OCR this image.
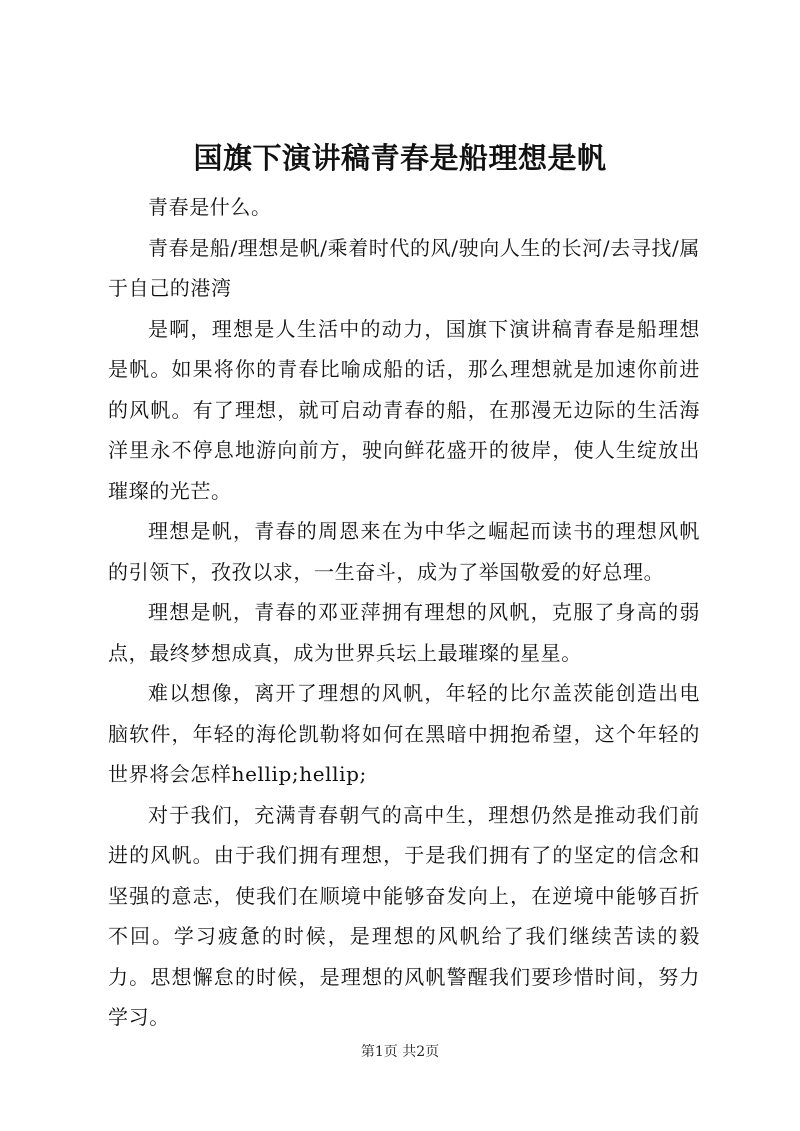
国旗下演讲稿青春是船理想是帆

青春是什么。

青春是船/理想是帆/乘着时代的风/驶向人生的长河/去寻找/属于自己的港湾

是啊，理想是人生活中的动力，国旗下演讲稿青春是船理想是帆。如果将你的青春比喻成船的话，那么理想就是加速你前进的风帆。有了理想，就可启动青春的船，在那漫无边际的生活海洋里永不停息地游向前方，驶向鲜花盛开的彼岸，使人生绽放出璀璨的光芒。

理想是帆，青春的周恩来在为中华之崛起而读书的理想风帆的引领下，孜孜以求，一生奋斗，成为了举国敬爱的好总理。

理想是帆，青春的邓亚萍拥有理想的风帆，克服了身高的弱点，最终梦想成真，成为世界兵坛上最璀璨的星星。

难以想像，离开了理想的风帆，年轻的比尔盖茨能创造出电脑软件，年轻的海伦凯勒将如何在黑暗中拥抱希望，这个年轻的世界将会怎样hellip;hellip;

对于我们，充满青春朝气的高中生，理想仍然是推动我们前进的风帆。由于我们拥有理想，于是我们拥有了的坚定的信念和坚强的意志，使我们在顺境中能够奋发向上，在逆境中能够百折不回。学习疲惫的时候，是理想的风帆给了我们继续苦读的毅力。思想懈怠的时候，是理想的风帆警醒我们要珍惜时间，努力学习。

第1页 共2页
